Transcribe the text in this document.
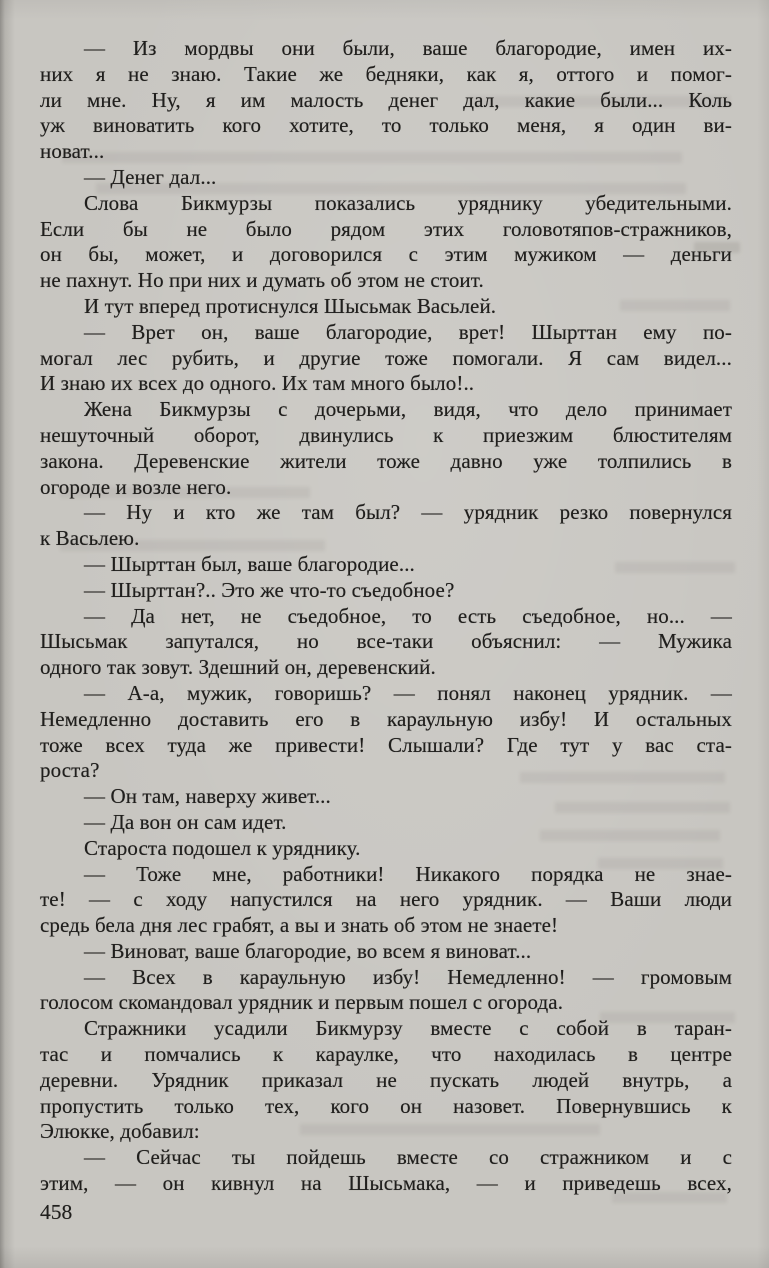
— Из мордвы они были, ваше благородие, имен их-
них я не знаю. Такие же бедняки, как я, оттого и помог-
ли мне. Ну, я им малость денег дал, какие были... Коль
уж виноватить кого хотите, то только меня, я один ви-
новат...

— Денег дал...

Слова Бикмурзы показались уряднику убедительными.
Если бы не было рядом этих головотяпов-стражников,
он бы, может, и договорился с этим мужиком — деньги
не пахнут. Но при них и думать об этом не стоит.

И тут вперед протиснулся Шысьмак Васьлей.

— Врет он, ваше благородие, врет! Шырттан ему по-
могал лес рубить, и другие тоже помогали. Я сам видел...
И знаю их всех до одного. Их там много было!..

Жена Бикмурзы с дочерьми, видя, что дело принимает
нешуточный оборот, двинулись к приезжим блюстителям
закона. Деревенские жители тоже давно уже толпились в
огороде и возле него.

— Ну и кто же там был? — урядник резко повернулся
к Васьлею.

— Шырттан был, ваше благородие...

— Шырттан?.. Это же что-то съедобное?

— Да нет, не съедобное, то есть съедобное, но... —
Шысьмак запутался, но все-таки объяснил: — Мужика
одного так зовут. Здешний он, деревенский.

— А-а, мужик, говоришь? — понял наконец урядник. —
Немедленно доставить его в караульную избу! И остальных
тоже всех туда же привести! Слышали? Где тут у вас ста-
роста?

— Он там, наверху живет...

— Да вон он сам идет.

Староста подошел к уряднику.

— Тоже мне, работники! Никакого порядка не знае-
те! — с ходу напустился на него урядник. — Ваши люди
средь бела дня лес грабят, а вы и знать об этом не знаете!

— Виноват, ваше благородие, во всем я виноват...

— Всех в караульную избу! Немедленно! — громовым
голосом скомандовал урядник и первым пошел с огорода.

Стражники усадили Бикмурзу вместе с собой в таран-
тас и помчались к караулке, что находилась в центре
деревни. Урядник приказал не пускать людей внутрь, а
пропустить только тех, кого он назовет. Повернувшись к
Элюкке, добавил:

— Сейчас ты пойдешь вместе со стражником и с
этим, — он кивнул на Шысьмака, — и приведешь всех,

458
